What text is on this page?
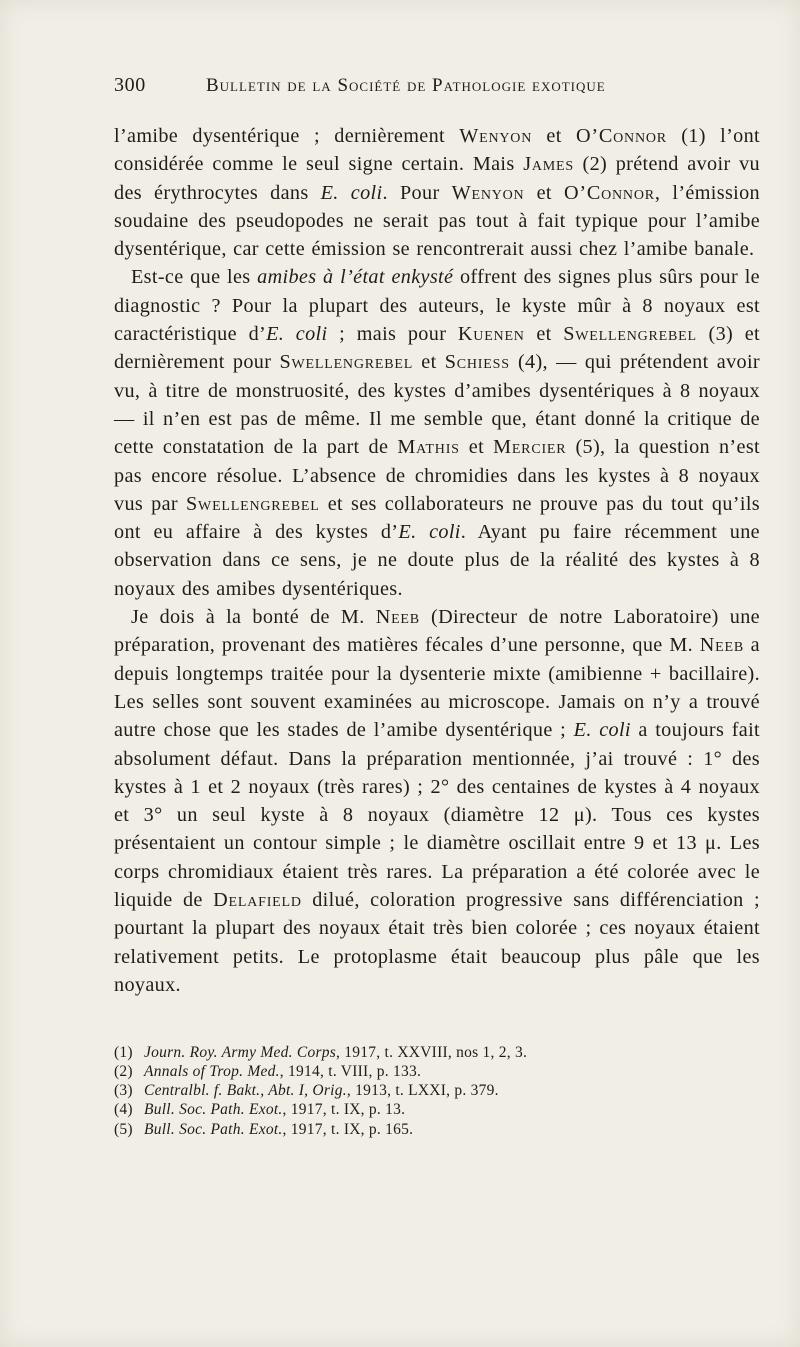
300	Bulletin de la Société de Pathologie exotique

l’amibe dysentérique ; dernièrement Wenyon et O’Connor (1) l’ont considérée comme le seul signe certain. Mais James (2) prétend avoir vu des érythrocytes dans E. coli. Pour Wenyon et O’Connor, l’émission soudaine des pseudopodes ne serait pas tout à fait typique pour l’amibe dysentérique, car cette émission se rencontrerait aussi chez l’amibe banale.

Est-ce que les amibes à l’état enkysté offrent des signes plus sûrs pour le diagnostic ? Pour la plupart des auteurs, le kyste mûr à 8 noyaux est caractéristique d’E. coli ; mais pour Kuenen et Swellengrebel (3) et dernièrement pour Swellengrebel et Schiess (4), — qui prétendent avoir vu, à titre de monstruosité, des kystes d’amibes dysentériques à 8 noyaux — il n’en est pas de même. Il me semble que, étant donné la critique de cette constatation de la part de Mathis et Mercier (5), la question n’est pas encore résolue. L’absence de chromidies dans les kystes à 8 noyaux vus par Swellengrebel et ses collaborateurs ne prouve pas du tout qu’ils ont eu affaire à des kystes d’E. coli. Ayant pu faire récemment une observation dans ce sens, je ne doute plus de la réalité des kystes à 8 noyaux des amibes dysentériques.

Je dois à la bonté de M. Neeb (Directeur de notre Laboratoire) une préparation, provenant des matières fécales d’une personne, que M. Neeb a depuis longtemps traitée pour la dysenterie mixte (amibienne + bacillaire). Les selles sont souvent examinées au microscope. Jamais on n’y a trouvé autre chose que les stades de l’amibe dysentérique ; E. coli a toujours fait absolument défaut. Dans la préparation mentionnée, j’ai trouvé : 1° des kystes à 1 et 2 noyaux (très rares) ; 2° des centaines de kystes à 4 noyaux et 3° un seul kyste à 8 noyaux (diamètre 12 μ). Tous ces kystes présentaient un contour simple ; le diamètre oscillait entre 9 et 13 μ. Les corps chromidiaux étaient très rares. La préparation a été colorée avec le liquide de Delafield dilué, coloration progressive sans différenciation ; pourtant la plupart des noyaux était très bien colorée ; ces noyaux étaient relativement petits. Le protoplasme était beaucoup plus pâle que les noyaux.

(1) Journ. Roy. Army Med. Corps, 1917, t. XXVIII, nos 1, 2, 3.
(2) Annals of Trop. Med., 1914, t. VIII, p. 133.
(3) Centralbl. f. Bakt., Abt. I, Orig., 1913, t. LXXI, p. 379.
(4) Bull. Soc. Path. Exot., 1917, t. IX, p. 13.
(5) Bull. Soc. Path. Exot., 1917, t. IX, p. 165.
